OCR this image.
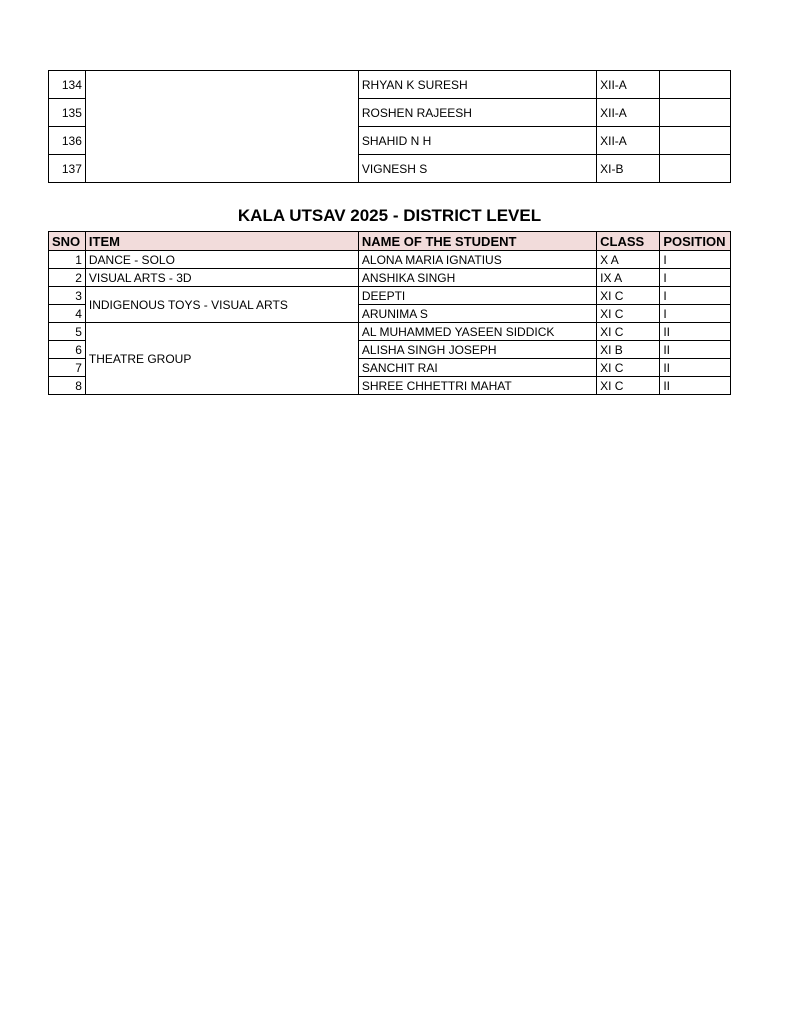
134		RHYAN K SURESH	XII-A	
135		ROSHEN RAJEESH	XII-A	
136		SHAHID N H	XII-A	
137		VIGNESH S	XI-B	
KALA UTSAV 2025 - DISTRICT LEVEL
SNO	ITEM	NAME OF THE STUDENT	CLASS	POSITION
1	DANCE - SOLO	ALONA MARIA IGNATIUS	X A	I
2	VISUAL ARTS - 3D	ANSHIKA SINGH	IX A	I
3	INDIGENOUS TOYS - VISUAL ARTS	DEEPTI	XI C	I
4		ARUNIMA S	XI C	I
5	THEATRE GROUP	AL MUHAMMED YASEEN SIDDICK	XI C	II
6		ALISHA SINGH JOSEPH	XI B	II
7		SANCHIT RAI	XI C	II
8		SHREE CHHETTRI MAHAT	XI C	II
